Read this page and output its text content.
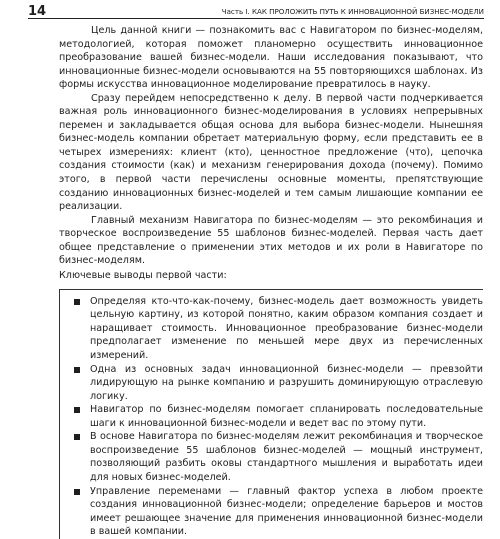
14	Часть I. КАК ПРОЛОЖИТЬ ПУТЬ К ИННОВАЦИОННОЙ БИЗНЕС-МОДЕЛИ

Цель данной книги — познакомить вас с Навигатором по бизнес-моделям, методологией, которая поможет планомерно осуществить инновационное преобразование вашей бизнес-модели. Наши исследования показывают, что инновационные бизнес-модели основываются на 55 повторяющихся шаблонах. Из формы искусства инновационное моделирование превратилось в науку.

Сразу перейдем непосредственно к делу. В первой части подчеркивается важная роль инновационного бизнес-моделирования в условиях непрерывных перемен и закладывается общая основа для выбора бизнес-модели. Нынешняя бизнес-модель компании обретает материальную форму, если представить ее в четырех измерениях: клиент (кто), ценностное предложение (что), цепочка создания стоимости (как) и механизм генерирования дохода (почему). Помимо этого, в первой части перечислены основные моменты, препятствующие созданию инновационных бизнес-моделей и тем самым лишающие компании ее реализации.

Главный механизм Навигатора по бизнес-моделям — это рекомбинация и творческое воспроизведение 55 шаблонов бизнес-моделей. Первая часть дает общее представление о применении этих методов и их роли в Навигаторе по бизнес-моделям.

Ключевые выводы первой части:

Определяя кто-что-как-почему, бизнес-модель дает возможность увидеть цельную картину, из которой понятно, каким образом компания создает и наращивает стоимость. Инновационное преобразование бизнес-модели предполагает изменение по меньшей мере двух из перечисленных измерений.
Одна из основных задач инновационной бизнес-модели — превзойти лидирующую на рынке компанию и разрушить доминирующую отраслевую логику.
Навигатор по бизнес-моделям помогает спланировать последовательные шаги к инновационной бизнес-модели и ведет вас по этому пути.
В основе Навигатора по бизнес-моделям лежит рекомбинация и творческое воспроизведение 55 шаблонов бизнес-моделей — мощный инструмент, позволяющий разбить оковы стандартного мышления и выработать идеи для новых бизнес-моделей.
Управление переменами — главный фактор успеха в любом проекте создания инновационной бизнес-модели; определение барьеров и мостов имеет решающее значение для применения инновационной бизнес-модели в вашей компании.
